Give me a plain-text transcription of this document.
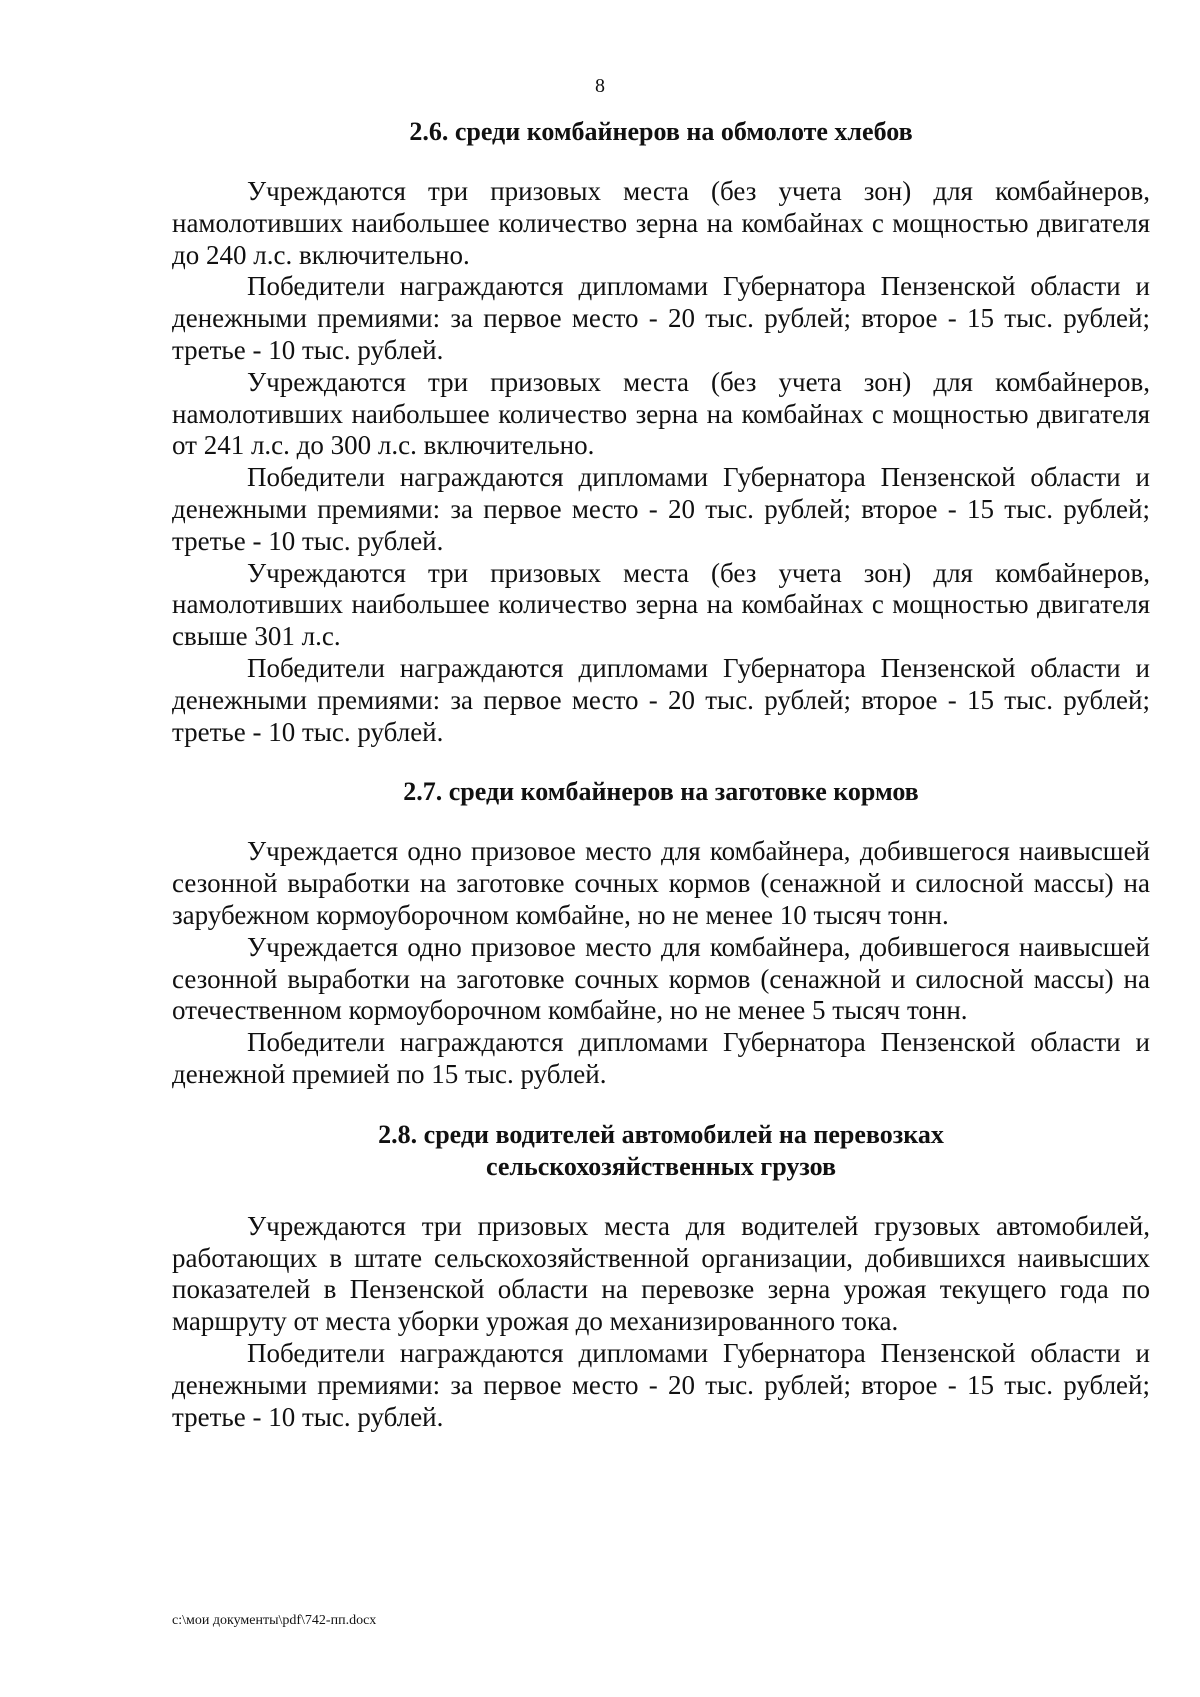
8
2.6. среди комбайнеров на обмолоте хлебов

Учреждаются три призовых места (без учета зон) для комбайнеров, намолотивших наибольшее количество зерна на комбайнах с мощностью двигателя до 240 л.с. включительно.

Победители награждаются дипломами Губернатора Пензенской области и денежными премиями: за первое место - 20 тыс. рублей; второе - 15 тыс. рублей; третье - 10 тыс. рублей.

Учреждаются три призовых места (без учета зон) для комбайнеров, намолотивших наибольшее количество зерна на комбайнах с мощностью двигателя от 241 л.с. до 300 л.с. включительно.

Победители награждаются дипломами Губернатора Пензенской области и денежными премиями: за первое место - 20 тыс. рублей; второе - 15 тыс. рублей; третье - 10 тыс. рублей.

Учреждаются три призовых места (без учета зон) для комбайнеров, намолотивших наибольшее количество зерна на комбайнах с мощностью двигателя свыше 301 л.с.

Победители награждаются дипломами Губернатора Пензенской области и денежными премиями: за первое место - 20 тыс. рублей; второе - 15 тыс. рублей; третье - 10 тыс. рублей.

2.7. среди комбайнеров на заготовке кормов

Учреждается одно призовое место для комбайнера, добившегося наивысшей сезонной выработки на заготовке сочных кормов (сенажной и силосной массы) на зарубежном кормоуборочном комбайне, но не менее 10 тысяч тонн.

Учреждается одно призовое место для комбайнера, добившегося наивысшей сезонной выработки на заготовке сочных кормов (сенажной и силосной массы) на отечественном кормоуборочном комбайне, но не менее 5 тысяч тонн.

Победители награждаются дипломами Губернатора Пензенской области и денежной премией по 15 тыс. рублей.

2.8. среди водителей автомобилей на перевозках
сельскохозяйственных грузов

Учреждаются три призовых места для водителей грузовых автомобилей, работающих в штате сельскохозяйственной организации, добившихся наивысших показателей в Пензенской области на перевозке зерна урожая текущего года по маршруту от места уборки урожая до механизированного тока.

Победители награждаются дипломами Губернатора Пензенской области и денежными премиями: за первое место - 20 тыс. рублей; второе - 15 тыс. рублей; третье - 10 тыс. рублей.

c:\мои документы\pdf\742-пп.docx
